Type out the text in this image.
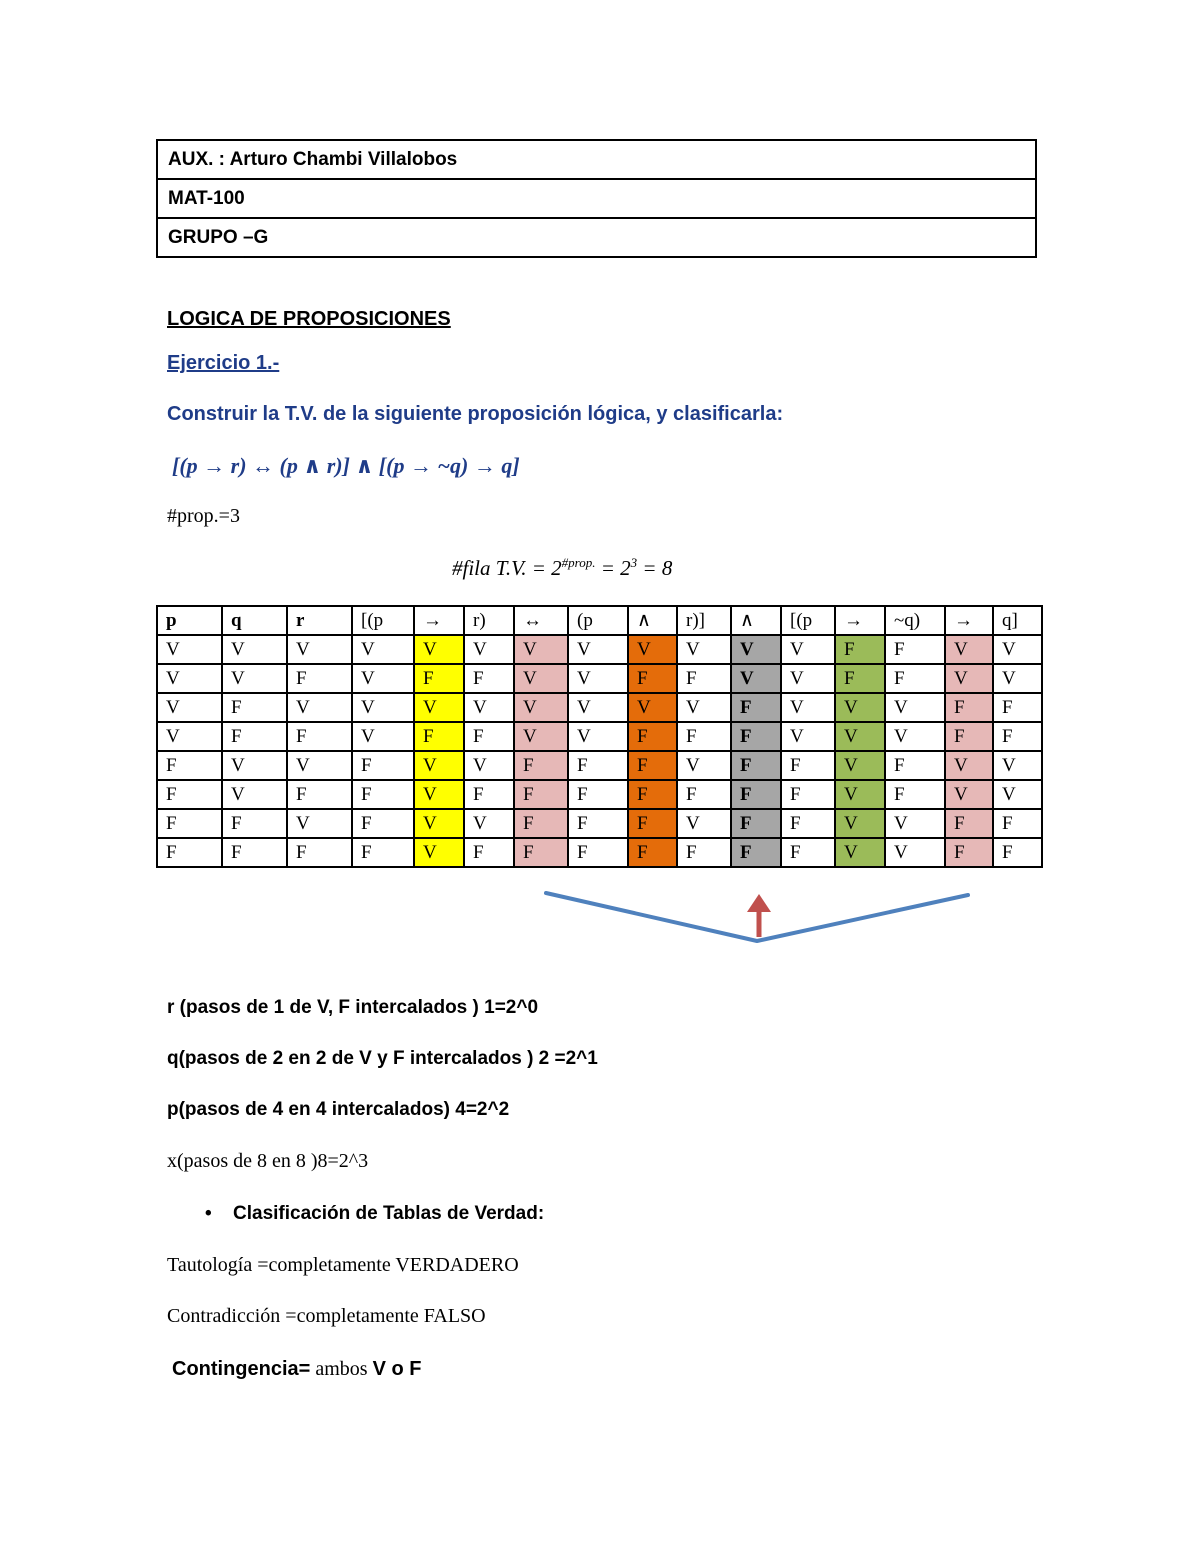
AUX. : Arturo Chambi Villalobos
MAT-100
GRUPO –G
LOGICA DE PROPOSICIONES
Ejercicio 1.-
Construir la T.V. de la siguiente proposición lógica, y clasificarla:
[(p → r) ↔ (p ∧ r)] ∧ [(p → ~q) → q]
#prop.=3
#fila T.V. = $2^{\#prop.} = 2^3 = 8$
p	q	r	[(p	→	r)	↔	(p	∧	r)]	∧	[(p	→	~q)	→	q]
V	V	V	V	V	V	V	V	V	V	V	V	F	F	V	V
V	V	F	V	F	F	V	V	F	F	V	V	F	F	V	V
V	F	V	V	V	V	V	V	V	V	F	V	V	V	F	F
V	F	F	V	F	F	V	V	F	F	F	V	V	V	F	F
F	V	V	F	V	V	F	F	F	V	F	F	V	F	V	V
F	V	F	F	V	F	F	F	F	F	F	F	V	F	V	V
F	F	V	F	V	V	F	F	F	V	F	F	V	V	F	F
F	F	F	F	V	F	F	F	F	F	F	F	V	V	F	F
r (pasos de 1 de V, F intercalados ) 1=2^0
q(pasos de 2 en 2 de V y F intercalados ) 2 =2^1
p(pasos de 4 en 4 intercalados) 4=2^2
x(pasos de 8 en 8 )8=2^3
• Clasificación de Tablas de Verdad:
Tautología =completamente VERDADERO
Contradicción =completamente FALSO
Contingencia= ambos V o F
